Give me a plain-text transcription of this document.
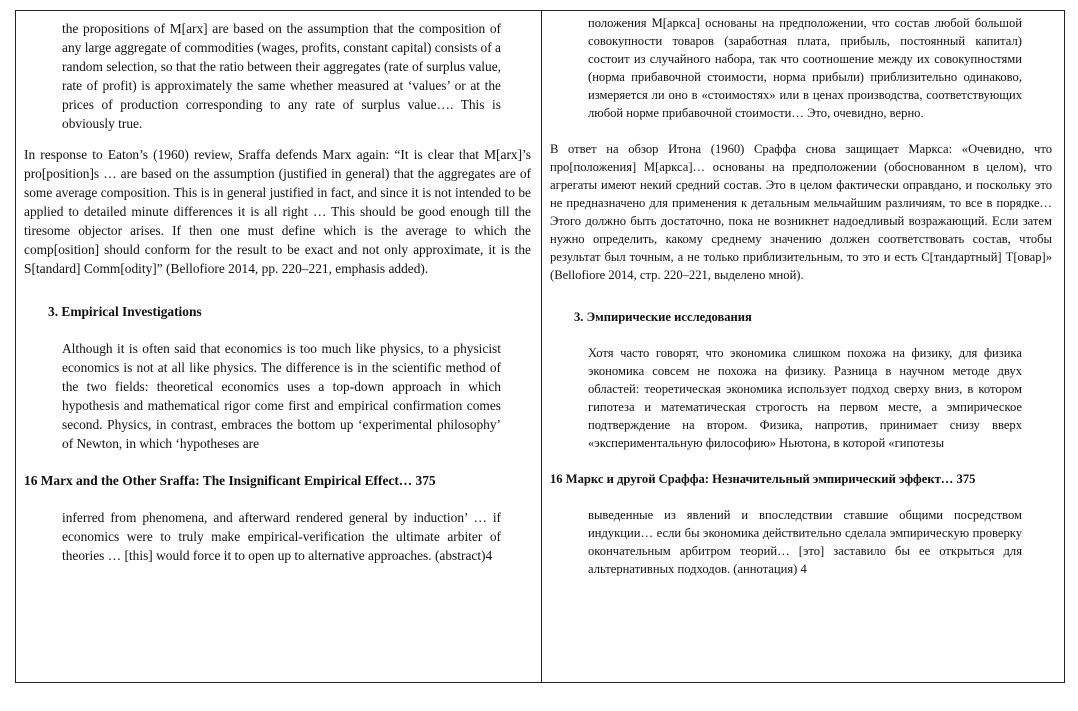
the propositions of M[arx] are based on the assumption that the composition of any large aggregate of commodities (wages, profits, constant capital) consists of a random selection, so that the ratio between their aggregates (rate of surplus value, rate of profit) is approximately the same whether measured at ‘values’ or at the prices of production corresponding to any rate of surplus value…. This is obviously true.

In response to Eaton’s (1960) review, Sraffa defends Marx again: “It is clear that M[arx]’s pro[position]s … are based on the assumption (justified in general) that the aggregates are of some average composition. This is in general justified in fact, and since it is not intended to be applied to detailed minute differences it is all right … This should be good enough till the tiresome objector arises. If then one must define which is the average to which the comp[osition] should conform for the result to be exact and not only approximate, it is the S[tandard] Comm[odity]” (Bellofiore 2014, pp. 220–221, emphasis added).

3. Empirical Investigations

Although it is often said that economics is too much like physics, to a physicist economics is not at all like physics. The difference is in the scientific method of the two fields: theoretical economics uses a top-down approach in which hypothesis and mathematical rigor come first and empirical confirmation comes second. Physics, in contrast, embraces the bottom up ‘experimental philosophy’ of Newton, in which ‘hypotheses are

16 Marx and the Other Sraffa: The Insignificant Empirical Effect… 375

inferred from phenomena, and afterward rendered general by induction’ … if economics were to truly make empirical-verification the ultimate arbiter of theories … [this] would force it to open up to alternative approaches. (abstract)4

положения М[аркса] основаны на предположении, что состав любой большой совокупности товаров (заработная плата, прибыль, постоянный капитал) состоит из случайного набора, так что соотношение между их совокупностями (норма прибавочной стоимости, норма прибыли) приблизительно одинаково, измеряется ли оно в «стоимостях» или в ценах производства, соответствующих любой норме прибавочной стоимости… Это, очевидно, верно.

В ответ на обзор Итона (1960) Сраффа снова защищает Маркса: «Очевидно, что про[положения] М[аркса]… основаны на предположении (обоснованном в целом), что агрегаты имеют некий средний состав. Это в целом фактически оправдано, и поскольку это не предназначено для применения к детальным мельчайшим различиям, то все в порядке… Этого должно быть достаточно, пока не возникнет надоедливый возражающий. Если затем нужно определить, какому среднему значению должен соответствовать состав, чтобы результат был точным, а не только приблизительным, то это и есть С[тандартный] Т[овар]» (Bellofiore 2014, стр. 220–221, выделено мной).

3. Эмпирические исследования

Хотя часто говорят, что экономика слишком похожа на физику, для физика экономика совсем не похожа на физику. Разница в научном методе двух областей: теоретическая экономика использует подход сверху вниз, в котором гипотеза и математическая строгость на первом месте, а эмпирическое подтверждение на втором. Физика, напротив, принимает снизу вверх «экспериментальную философию» Ньютона, в которой «гипотезы

16 Маркс и другой Сраффа: Незначительный эмпирический эффект… 375

выведенные из явлений и впоследствии ставшие общими посредством индукции… если бы экономика действительно сделала эмпирическую проверку окончательным арбитром теорий… [это] заставило бы ее открыться для альтернативных подходов. (аннотация) 4
